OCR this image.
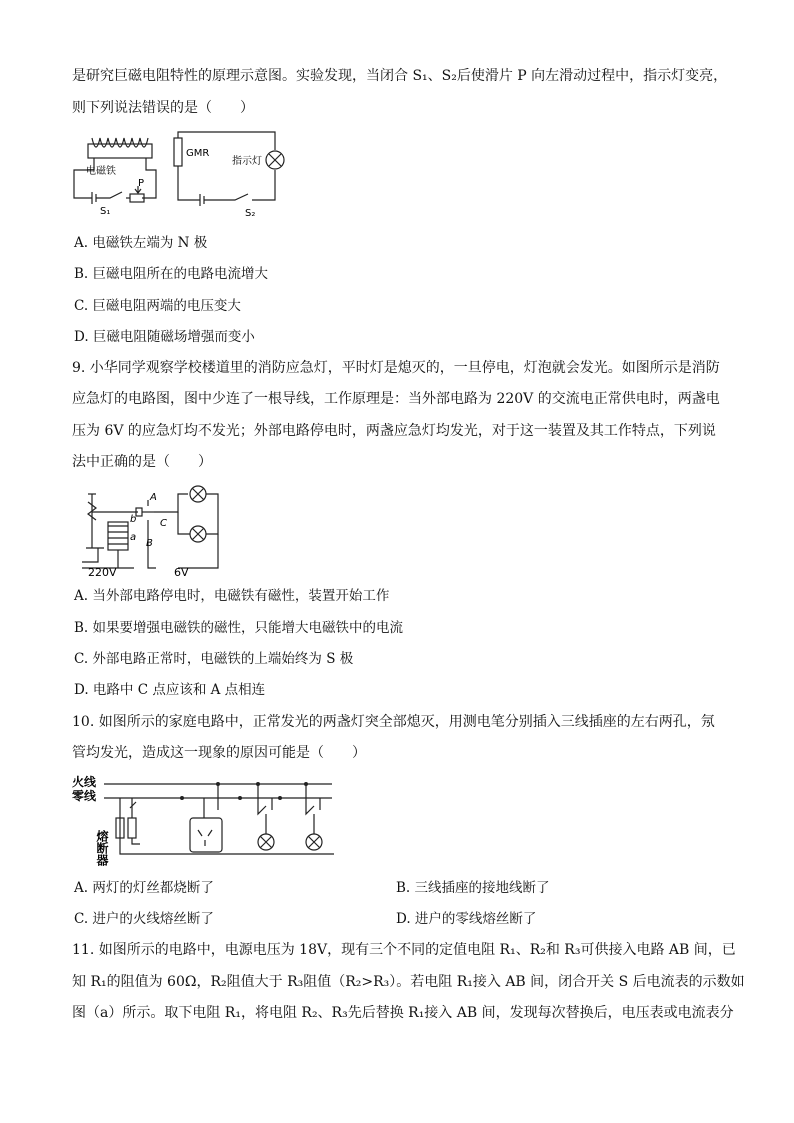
是研究巨磁电阻特性的原理示意图。实验发现，当闭合 S₁、S₂后使滑片 P 向左滑动过程中，指示灯变亮，
则下列说法错误的是（　　）
GMR
指示灯
电磁铁
P
S₁	S₂
A. 电磁铁左端为 N 极
B. 巨磁电阻所在的电路电流增大
C. 巨磁电阻两端的电压变大
D. 巨磁电阻随磁场增强而变小
9. 小华同学观察学校楼道里的消防应急灯，平时灯是熄灭的，一旦停电，灯泡就会发光。如图所示是消防
应急灯的电路图，图中少连了一根导线，工作原理是：当外部电路为 220V 的交流电正常供电时，两盏电
压为 6V 的应急灯均不发光；外部电路停电时，两盏应急灯均发光，对于这一装置及其工作特点，下列说
法中正确的是（　　）
A
b
a
B
C
220V	6V
A. 当外部电路停电时，电磁铁有磁性，装置开始工作
B. 如果要增强电磁铁的磁性，只能增大电磁铁中的电流
C. 外部电路正常时，电磁铁的上端始终为 S 极
D. 电路中 C 点应该和 A 点相连
10. 如图所示的家庭电路中，正常发光的两盏灯突全部熄灭，用测电笔分别插入三线插座的左右两孔，氖
管均发光，造成这一现象的原因可能是（　　）
火线
零线
熔断器
A. 两灯的灯丝都烧断了	B. 三线插座的接地线断了
C. 进户的火线熔丝断了	D. 进户的零线熔丝断了
11. 如图所示的电路中，电源电压为 18V，现有三个不同的定值电阻 R₁、R₂和 R₃可供接入电路 AB 间，已
知 R₁的阻值为 60Ω，R₂阻值大于 R₃阻值（R₂>R₃）。若电阻 R₁接入 AB 间，闭合开关 S 后电流表的示数如
图（a）所示。取下电阻 R₁，将电阻 R₂、R₃先后替换 R₁接入 AB 间，发现每次替换后，电压表或电流表分
